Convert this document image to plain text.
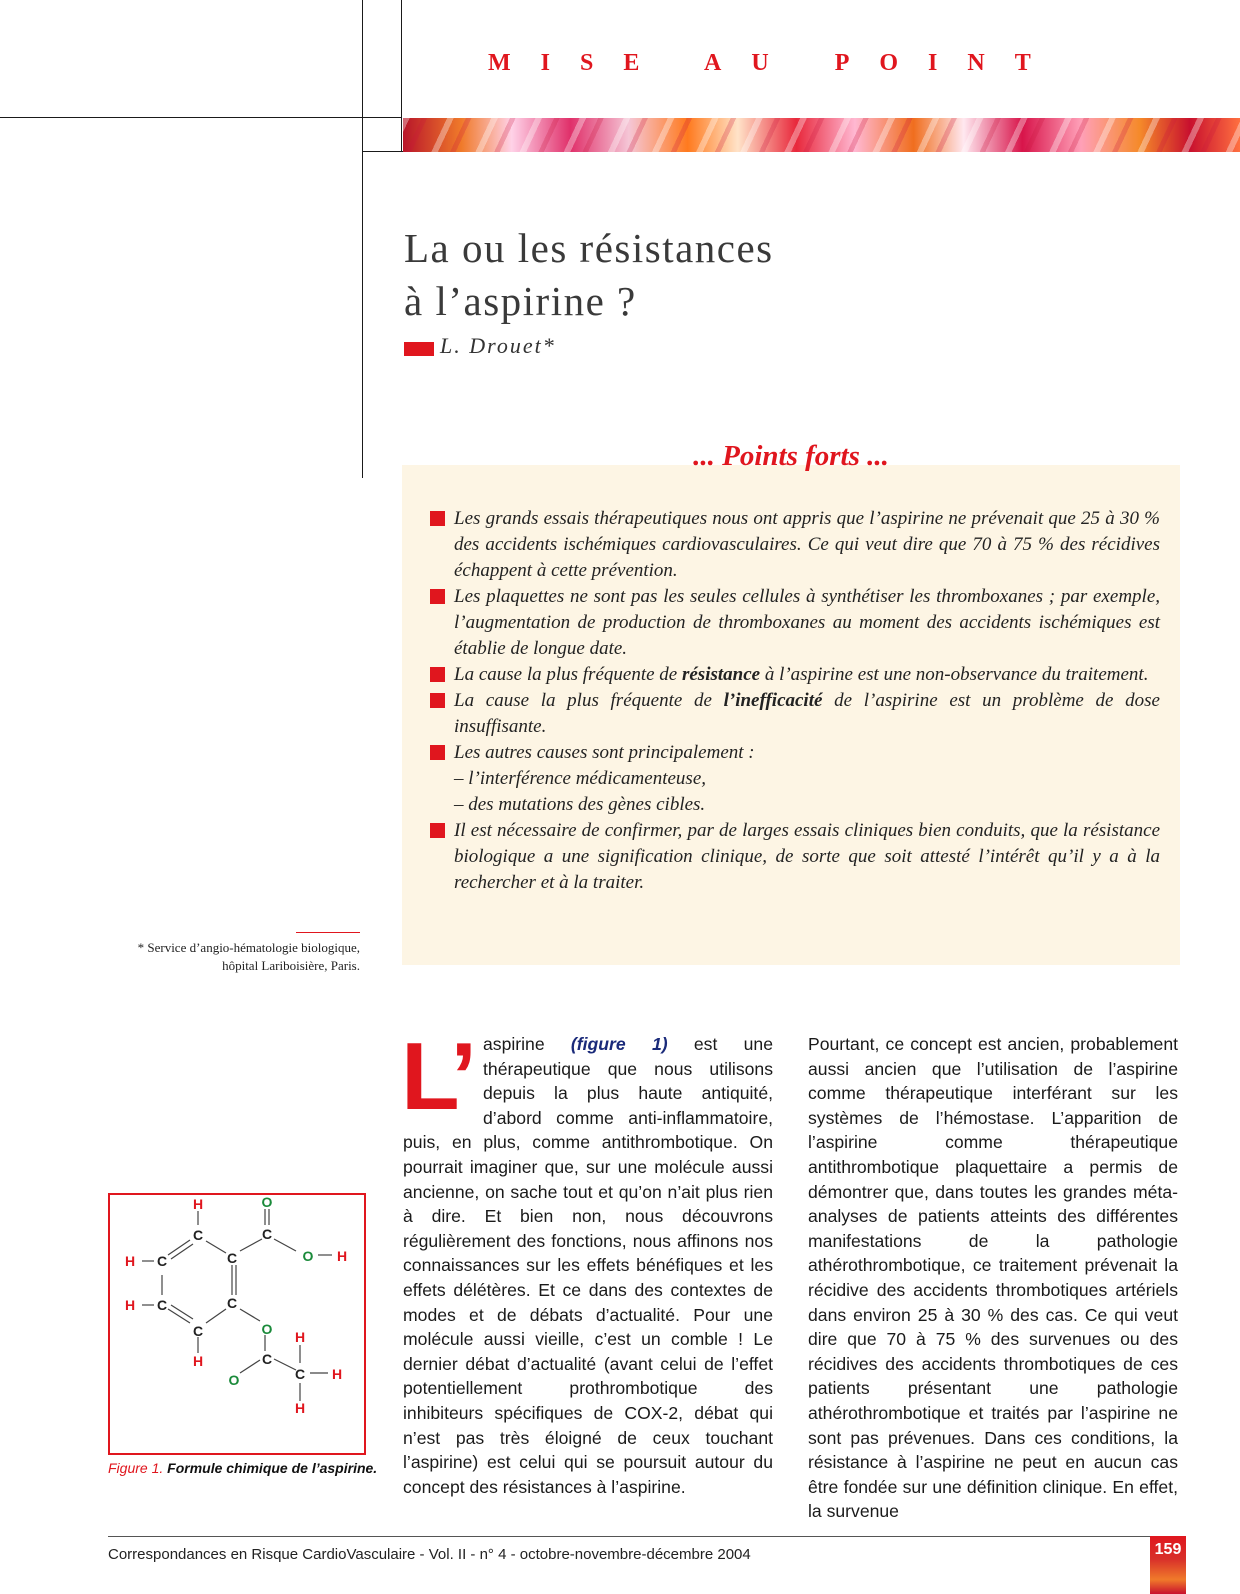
MISE AU POINT
La ou les résistances
à l’aspirine ?
L. Drouet*
... Points forts ...
Les grands essais thérapeutiques nous ont appris que l’aspirine ne prévenait que 25 à 30 % des accidents ischémiques cardiovasculaires. Ce qui veut dire que 70 à 75 % des récidives échappent à cette prévention.
Les plaquettes ne sont pas les seules cellules à synthétiser les thromboxanes ; par exemple, l’augmentation de production de thromboxanes au moment des accidents ischémiques est établie de longue date.
La cause la plus fréquente de résistance à l’aspirine est une non-observance du traitement.
La cause la plus fréquente de l’inefficacité de l’aspirine est un problème de dose insuffisante.
Les autres causes sont principalement :
– l’interférence médicamenteuse,
– des mutations des gènes cibles.
Il est nécessaire de confirmer, par de larges essais cliniques bien conduits, que la résistance biologique a une signification clinique, de sorte que soit attesté l’intérêt qu’il y a à la rechercher et à la traiter.
* Service d’angio-hématologie biologique,
hôpital Lariboisière, Paris.

L’ aspirine (figure 1) est une thérapeutique que nous utilisons depuis la plus haute antiquité, d’abord comme anti-inflammatoire, puis, en plus, comme antithrombotique. On pourrait imaginer que, sur une molécule aussi ancienne, on sache tout et qu’on n’ait plus rien à dire. Et bien non, nous découvrons régulièrement des fonctions, nous affinons nos connaissances sur les effets bénéfiques et les effets délétères. Et ce dans des contextes de modes et de débats d’actualité. Pour une molécule aussi vieille, c’est un comble ! Le dernier débat d’actualité (avant celui de l’effet potentiellement prothrombotique des inhibiteurs spécifiques de COX-2, débat qui n’est pas très éloigné de ceux touchant l’aspirine) est celui qui se poursuit autour du concept des résistances à l’aspirine.

Pourtant, ce concept est ancien, probablement aussi ancien que l’utilisation de l’aspirine comme thérapeutique interférant sur les systèmes de l’hémostase. L’apparition de l’aspirine comme thérapeutique antithrombotique plaquettaire a permis de démontrer que, dans toutes les grandes méta-analyses de patients atteints des différentes manifestations de la pathologie athérothrombotique, ce traitement prévenait la récidive des accidents thrombotiques artériels dans environ 25 à 30 % des cas. Ce qui veut dire que 70 à 75 % des survenues ou des récidives des accidents thrombotiques de ces patients présentant une pathologie athérothrombotique et traités par l’aspirine ne sont pas prévenues. Dans ces conditions, la résistance à l’aspirine ne peut en aucun cas être fondée sur une définition clinique. En effet, la survenue

H
C
C
O
C
O H
H C
H C	C
C
H
O H
C
O	C H
H
Figure 1. Formule chimique de l’aspirine.
Correspondances en Risque CardioVasculaire - Vol. II - n° 4 - octobre-novembre-décembre 2004	159
